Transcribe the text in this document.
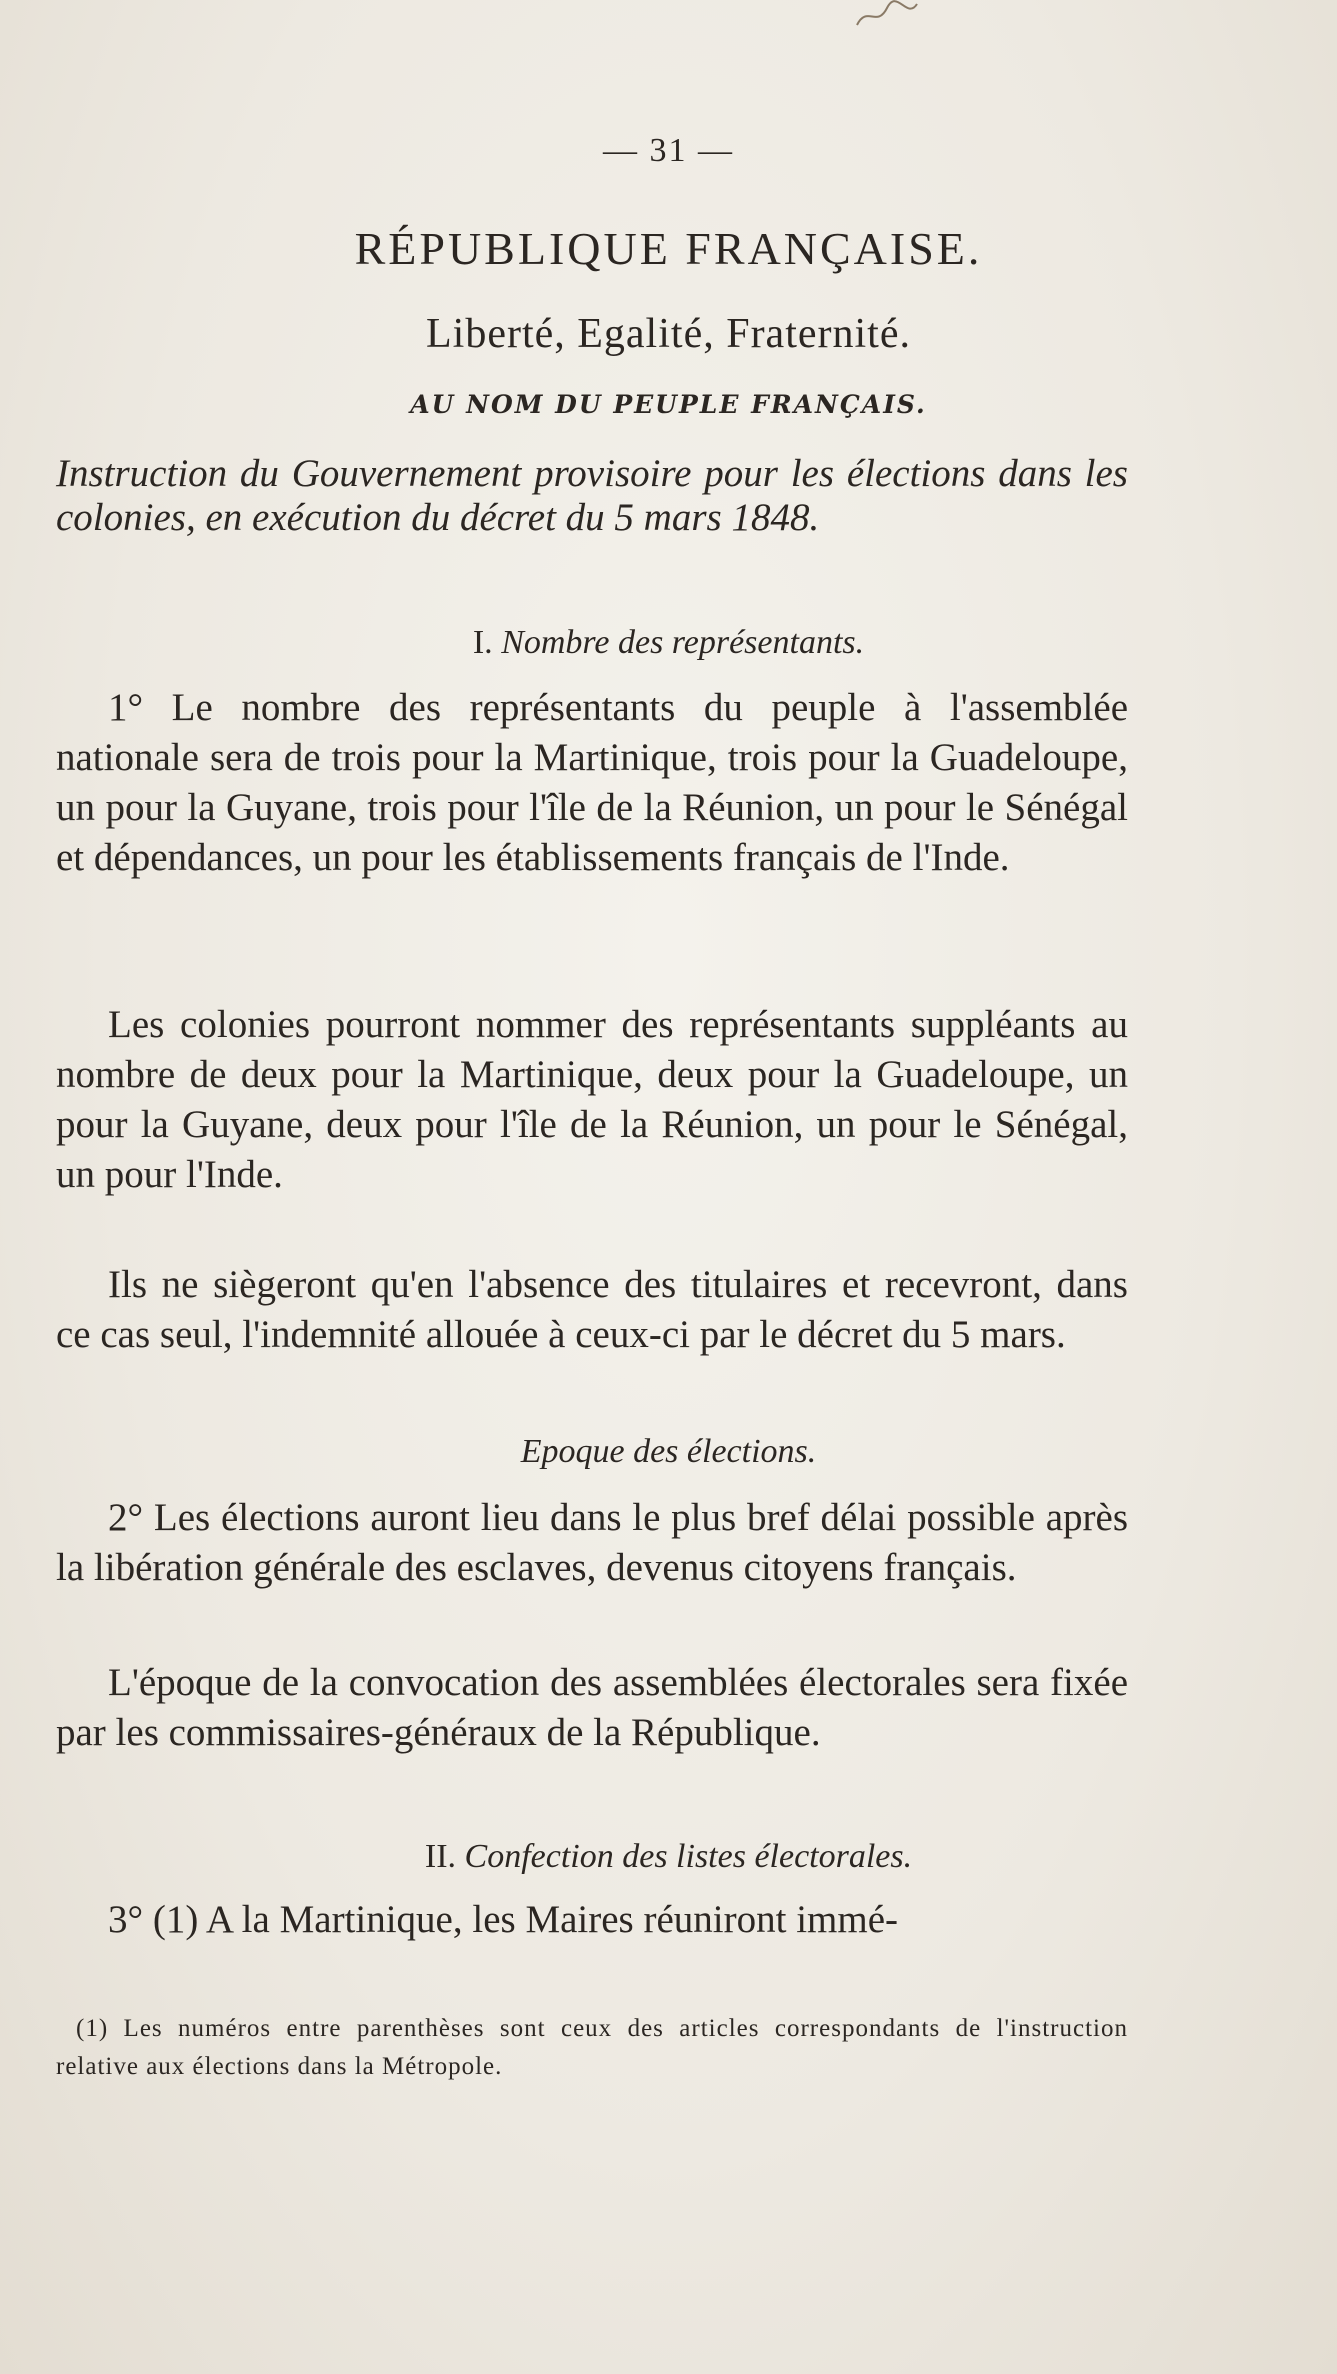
— 31 —
RÉPUBLIQUE FRANÇAISE.
Liberté, Egalité, Fraternité.
AU NOM DU PEUPLE FRANÇAIS.
Instruction du Gouvernement provisoire pour les élections dans les colonies, en exécution du décret du 5 mars 1848.
I. Nombre des représentants.
1° Le nombre des représentants du peuple à l'assemblée nationale sera de trois pour la Martinique, trois pour la Guadeloupe, un pour la Guyane, trois pour l'île de la Réunion, un pour le Sénégal et dépendances, un pour les établissements français de l'Inde.
Les colonies pourront nommer des représentants suppléants au nombre de deux pour la Martinique, deux pour la Guadeloupe, un pour la Guyane, deux pour l'île de la Réunion, un pour le Sénégal, un pour l'Inde.
Ils ne siègeront qu'en l'absence des titulaires et recevront, dans ce cas seul, l'indemnité allouée à ceux-ci par le décret du 5 mars.
Epoque des élections.
2° Les élections auront lieu dans le plus bref délai possible après la libération générale des esclaves, devenus citoyens français.
L'époque de la convocation des assemblées électorales sera fixée par les commissaires-généraux de la République.
II. Confection des listes électorales.
3° (1) A la Martinique, les Maires réuniront immé-
(1) Les numéros entre parenthèses sont ceux des articles correspondants de l'instruction relative aux élections dans la Métropole.
